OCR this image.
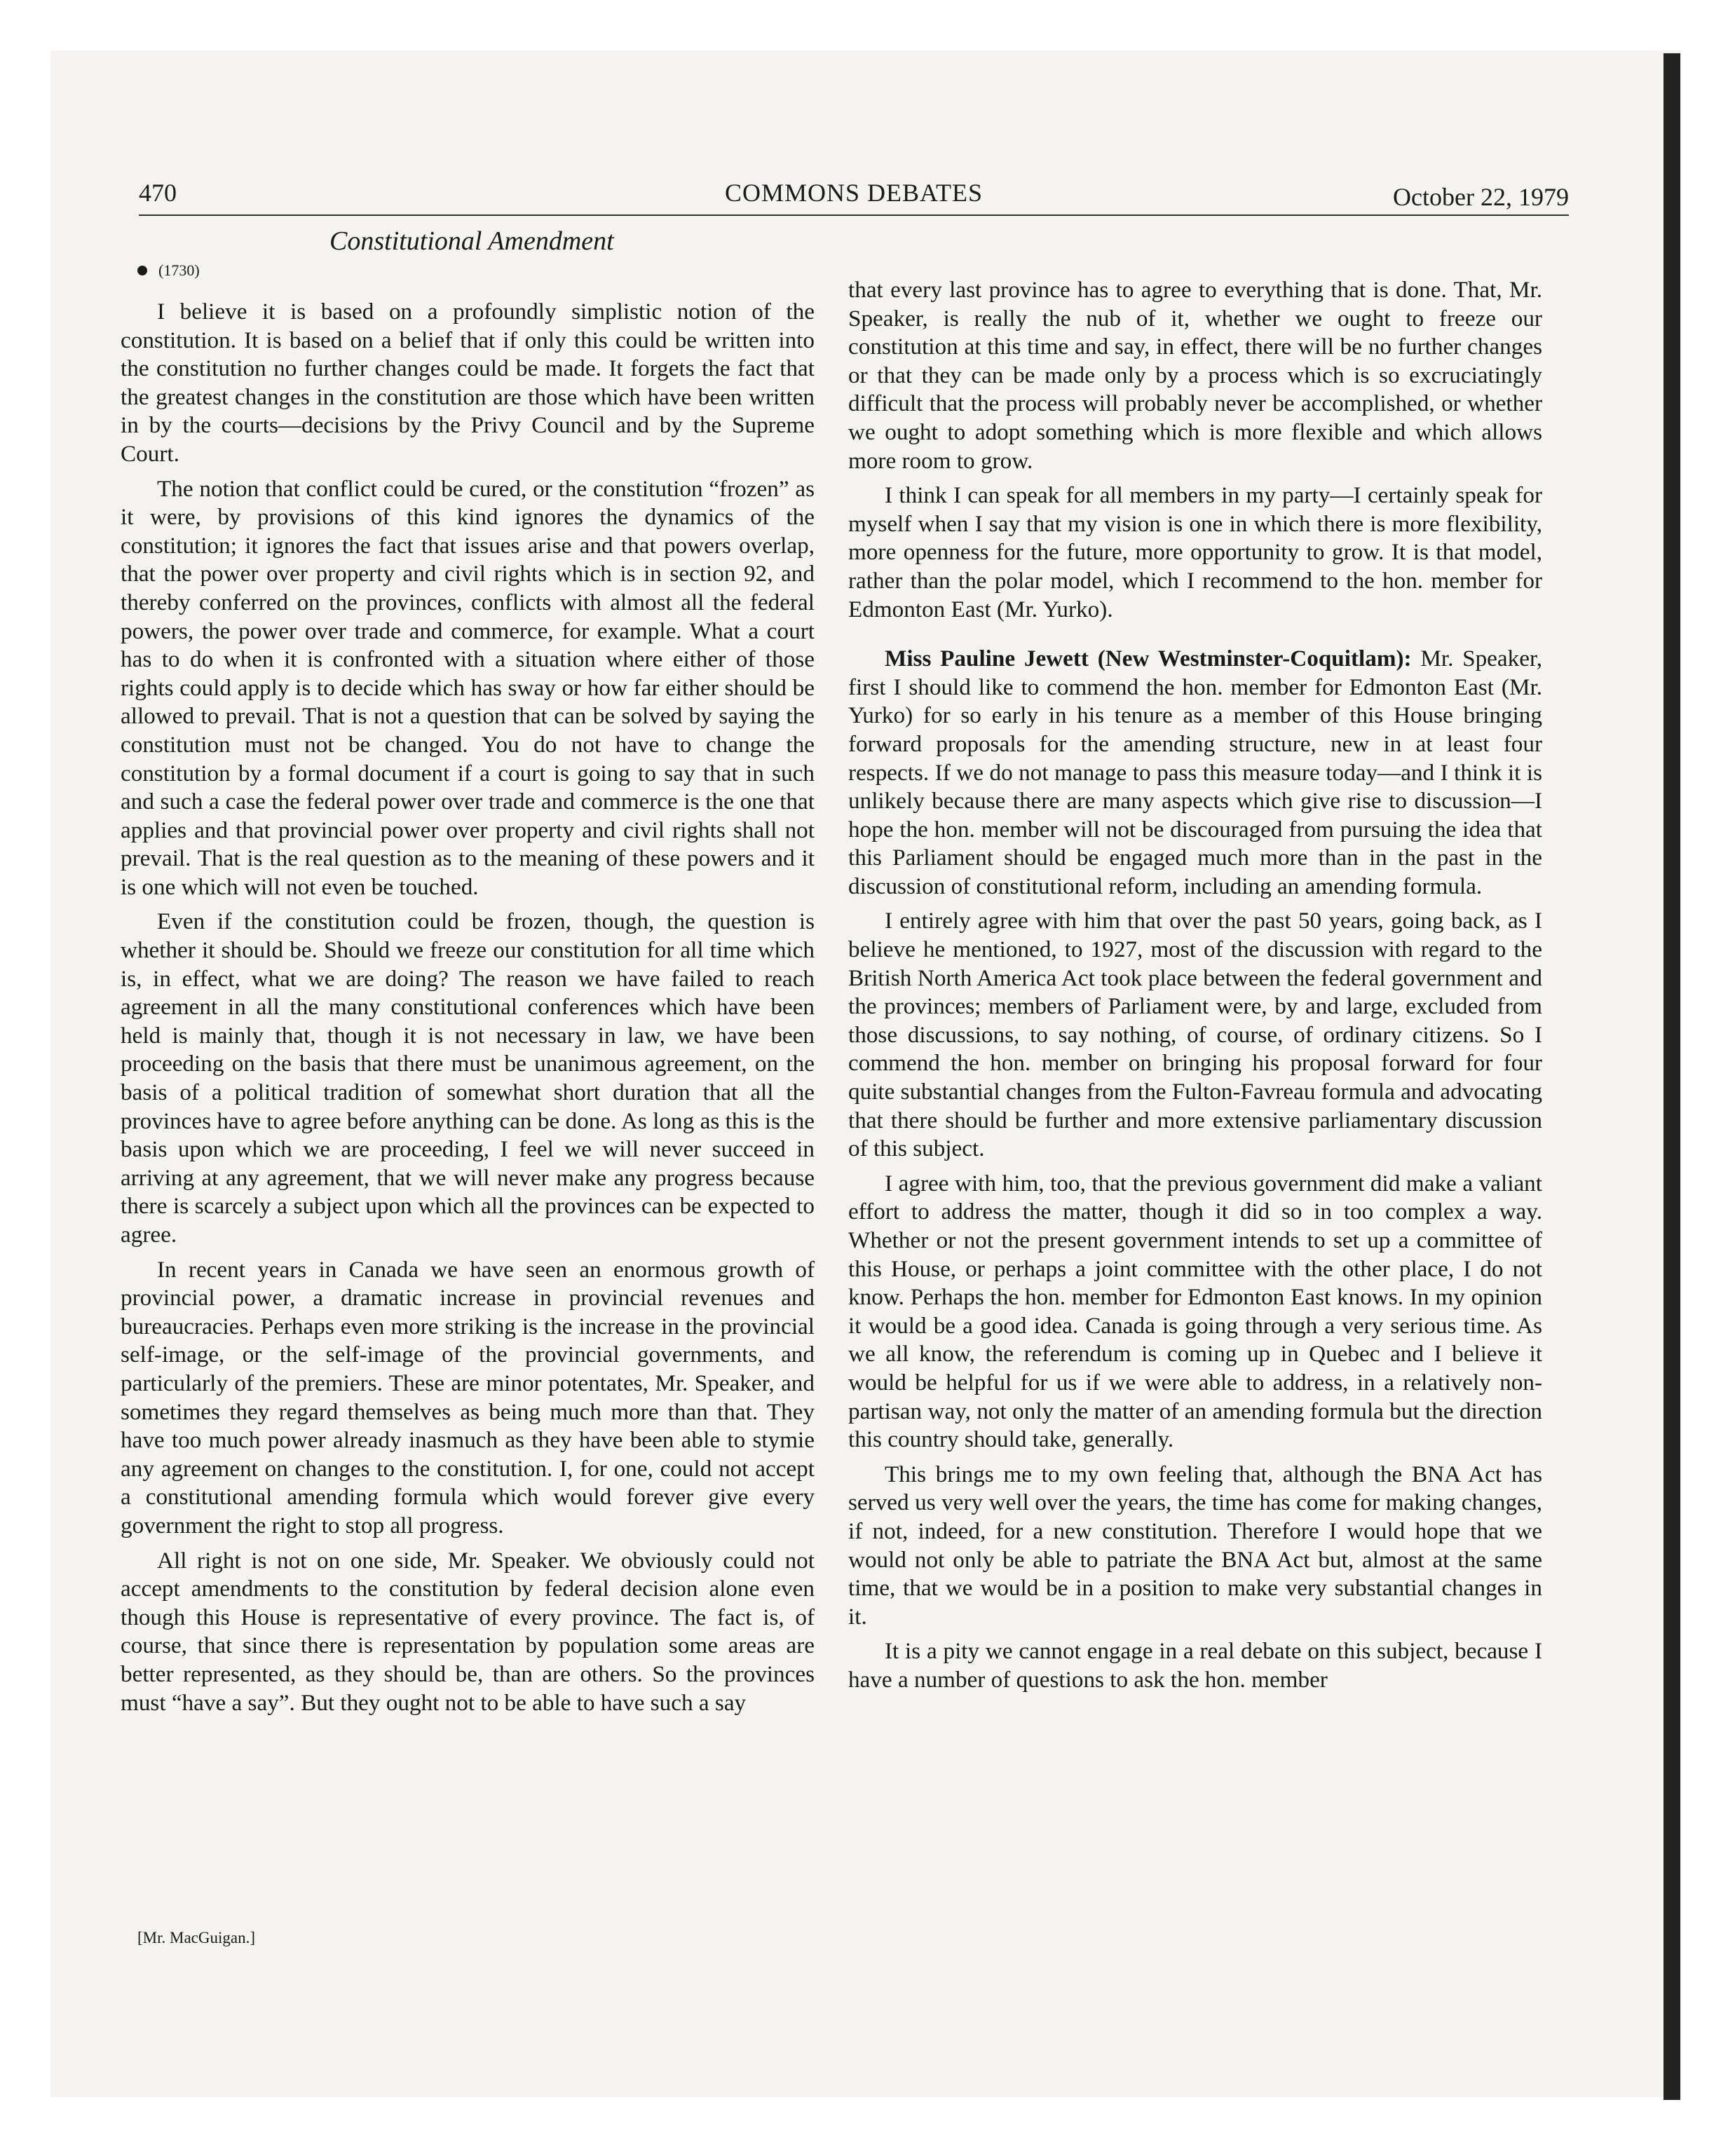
470	COMMONS DEBATES	October 22, 1979
Constitutional Amendment
(1730)

I believe it is based on a profoundly simplistic notion of the constitution. It is based on a belief that if only this could be written into the constitution no further changes could be made. It forgets the fact that the greatest changes in the constitution are those which have been written in by the courts—decisions by the Privy Council and by the Supreme Court.

The notion that conflict could be cured, or the constitution “frozen” as it were, by provisions of this kind ignores the dynamics of the constitution; it ignores the fact that issues arise and that powers overlap, that the power over property and civil rights which is in section 92, and thereby conferred on the provinces, conflicts with almost all the federal powers, the power over trade and commerce, for example. What a court has to do when it is confronted with a situation where either of those rights could apply is to decide which has sway or how far either should be allowed to prevail. That is not a question that can be solved by saying the constitution must not be changed. You do not have to change the constitution by a formal document if a court is going to say that in such and such a case the federal power over trade and commerce is the one that applies and that provincial power over property and civil rights shall not prevail. That is the real question as to the meaning of these powers and it is one which will not even be touched.

Even if the constitution could be frozen, though, the question is whether it should be. Should we freeze our constitution for all time which is, in effect, what we are doing? The reason we have failed to reach agreement in all the many constitutional conferences which have been held is mainly that, though it is not necessary in law, we have been proceeding on the basis that there must be unanimous agreement, on the basis of a political tradition of somewhat short duration that all the provinces have to agree before anything can be done. As long as this is the basis upon which we are proceeding, I feel we will never succeed in arriving at any agreement, that we will never make any progress because there is scarcely a subject upon which all the provinces can be expected to agree.

In recent years in Canada we have seen an enormous growth of provincial power, a dramatic increase in provincial revenues and bureaucracies. Perhaps even more striking is the increase in the provincial self-image, or the self-image of the provincial governments, and particularly of the premiers. These are minor potentates, Mr. Speaker, and sometimes they regard themselves as being much more than that. They have too much power already inasmuch as they have been able to stymie any agreement on changes to the constitution. I, for one, could not accept a constitutional amending formula which would forever give every government the right to stop all progress.

All right is not on one side, Mr. Speaker. We obviously could not accept amendments to the constitution by federal decision alone even though this House is representative of every province. The fact is, of course, that since there is representation by population some areas are better represented, as they should be, than are others. So the provinces must “have a say”. But they ought not to be able to have such a say

[Mr. MacGuigan.]

that every last province has to agree to everything that is done. That, Mr. Speaker, is really the nub of it, whether we ought to freeze our constitution at this time and say, in effect, there will be no further changes or that they can be made only by a process which is so excruciatingly difficult that the process will probably never be accomplished, or whether we ought to adopt something which is more flexible and which allows more room to grow.

I think I can speak for all members in my party—I certainly speak for myself when I say that my vision is one in which there is more flexibility, more openness for the future, more opportunity to grow. It is that model, rather than the polar model, which I recommend to the hon. member for Edmonton East (Mr. Yurko).

Miss Pauline Jewett (New Westminster-Coquitlam): Mr. Speaker, first I should like to commend the hon. member for Edmonton East (Mr. Yurko) for so early in his tenure as a member of this House bringing forward proposals for the amending structure, new in at least four respects. If we do not manage to pass this measure today—and I think it is unlikely because there are many aspects which give rise to discussion—I hope the hon. member will not be discouraged from pursuing the idea that this Parliament should be engaged much more than in the past in the discussion of constitutional reform, including an amending formula.

I entirely agree with him that over the past 50 years, going back, as I believe he mentioned, to 1927, most of the discussion with regard to the British North America Act took place between the federal government and the provinces; members of Parliament were, by and large, excluded from those discussions, to say nothing, of course, of ordinary citizens. So I commend the hon. member on bringing his proposal forward for four quite substantial changes from the Fulton-Favreau formula and advocating that there should be further and more extensive parliamentary discussion of this subject.

I agree with him, too, that the previous government did make a valiant effort to address the matter, though it did so in too complex a way. Whether or not the present government intends to set up a committee of this House, or perhaps a joint committee with the other place, I do not know. Perhaps the hon. member for Edmonton East knows. In my opinion it would be a good idea. Canada is going through a very serious time. As we all know, the referendum is coming up in Quebec and I believe it would be helpful for us if we were able to address, in a relatively non-partisan way, not only the matter of an amending formula but the direction this country should take, generally.

This brings me to my own feeling that, although the BNA Act has served us very well over the years, the time has come for making changes, if not, indeed, for a new constitution. Therefore I would hope that we would not only be able to patriate the BNA Act but, almost at the same time, that we would be in a position to make very substantial changes in it.

It is a pity we cannot engage in a real debate on this subject, because I have a number of questions to ask the hon. member
